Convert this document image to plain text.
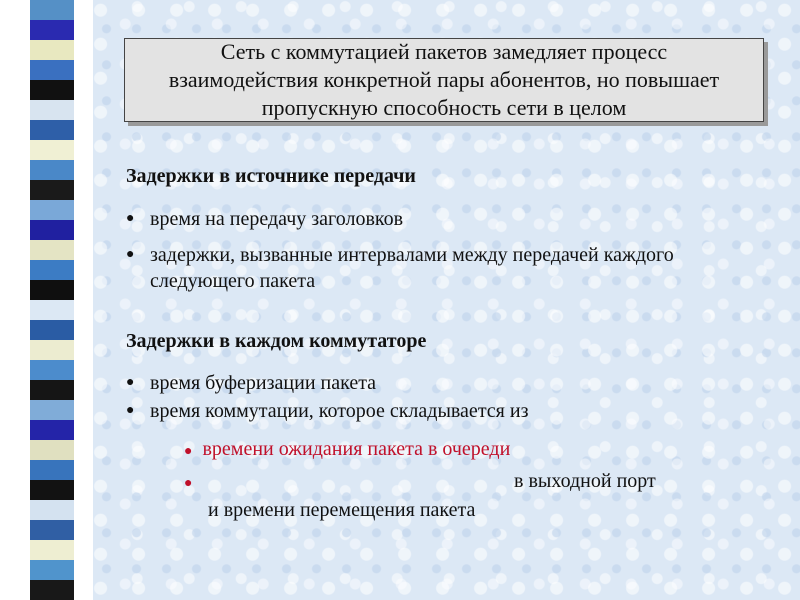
Сеть с коммутацией пакетов замедляет процесс
взаимодействия конкретной пары абонентов, но повышает
пропускную способность сети в целом
Задержки в источнике передачи
● время на передачу заголовков
● задержки, вызванные интервалами между передачей каждого следующего пакета
Задержки в каждом коммутаторе
● время буферизации пакета
● время коммутации, которое складывается из
● времени ожидания пакета в очереди
●	в выходной порт
и времени перемещения пакета
